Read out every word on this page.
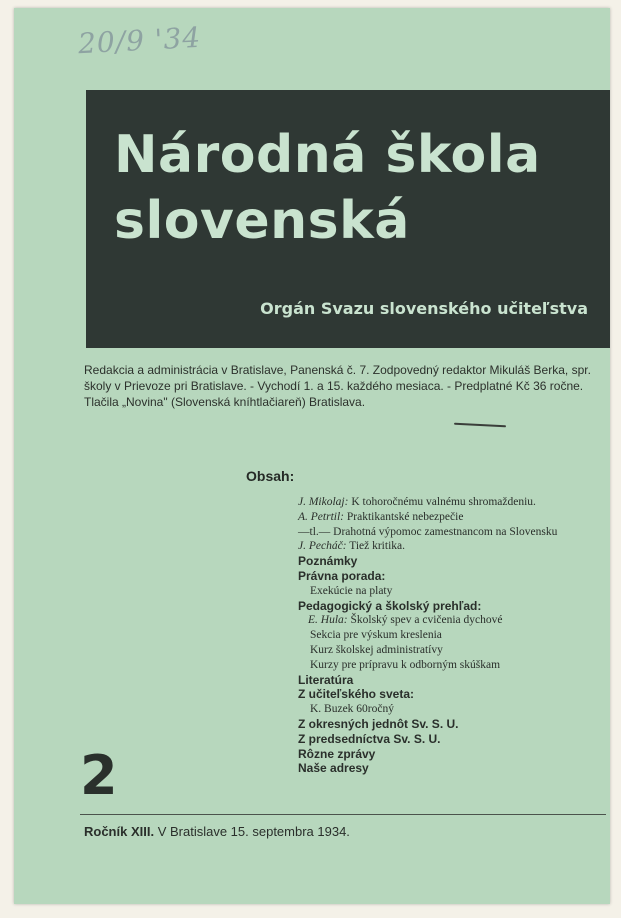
20/9 '34
Národná škola
slovenská
Orgán Svazu slovenského učiteľstva
Redakcia a administrácia v Bratislave, Panenská č. 7. Zodpovedný redaktor Mikuláš Berka, spr.
školy v Prievoze pri Bratislave. - Vychodí 1. a 15. každého mesiaca. - Predplatné Kč 36 ročne.
Tlačila „Novina" (Slovenská kníhtlačiareň) Bratislava.
Obsah:
J. Mikolaj: K tohoročnému valnému shromaždeniu.
A. Petrtil: Praktikantské nebezpečie
—tl.— Drahotná výpomoc zamestnancom na Slovensku
J. Pecháč: Tiež kritika.
Poznámky
Právna porada:
Exekúcie na platy
Pedagogický a školský prehľad:
E. Hula: Školský spev a cvičenia dychové
Sekcia pre výskum kreslenia
Kurz školskej administratívy
Kurzy pre prípravu k odborným skúškam
Literatúra
Z učiteľského sveta:
K. Buzek 60ročný
Z okresných jednôt Sv. S. U.
Z predsedníctva Sv. S. U.
Rôzne zprávy
Naše adresy
2
Ročník XIII. V Bratislave 15. septembra 1934.
